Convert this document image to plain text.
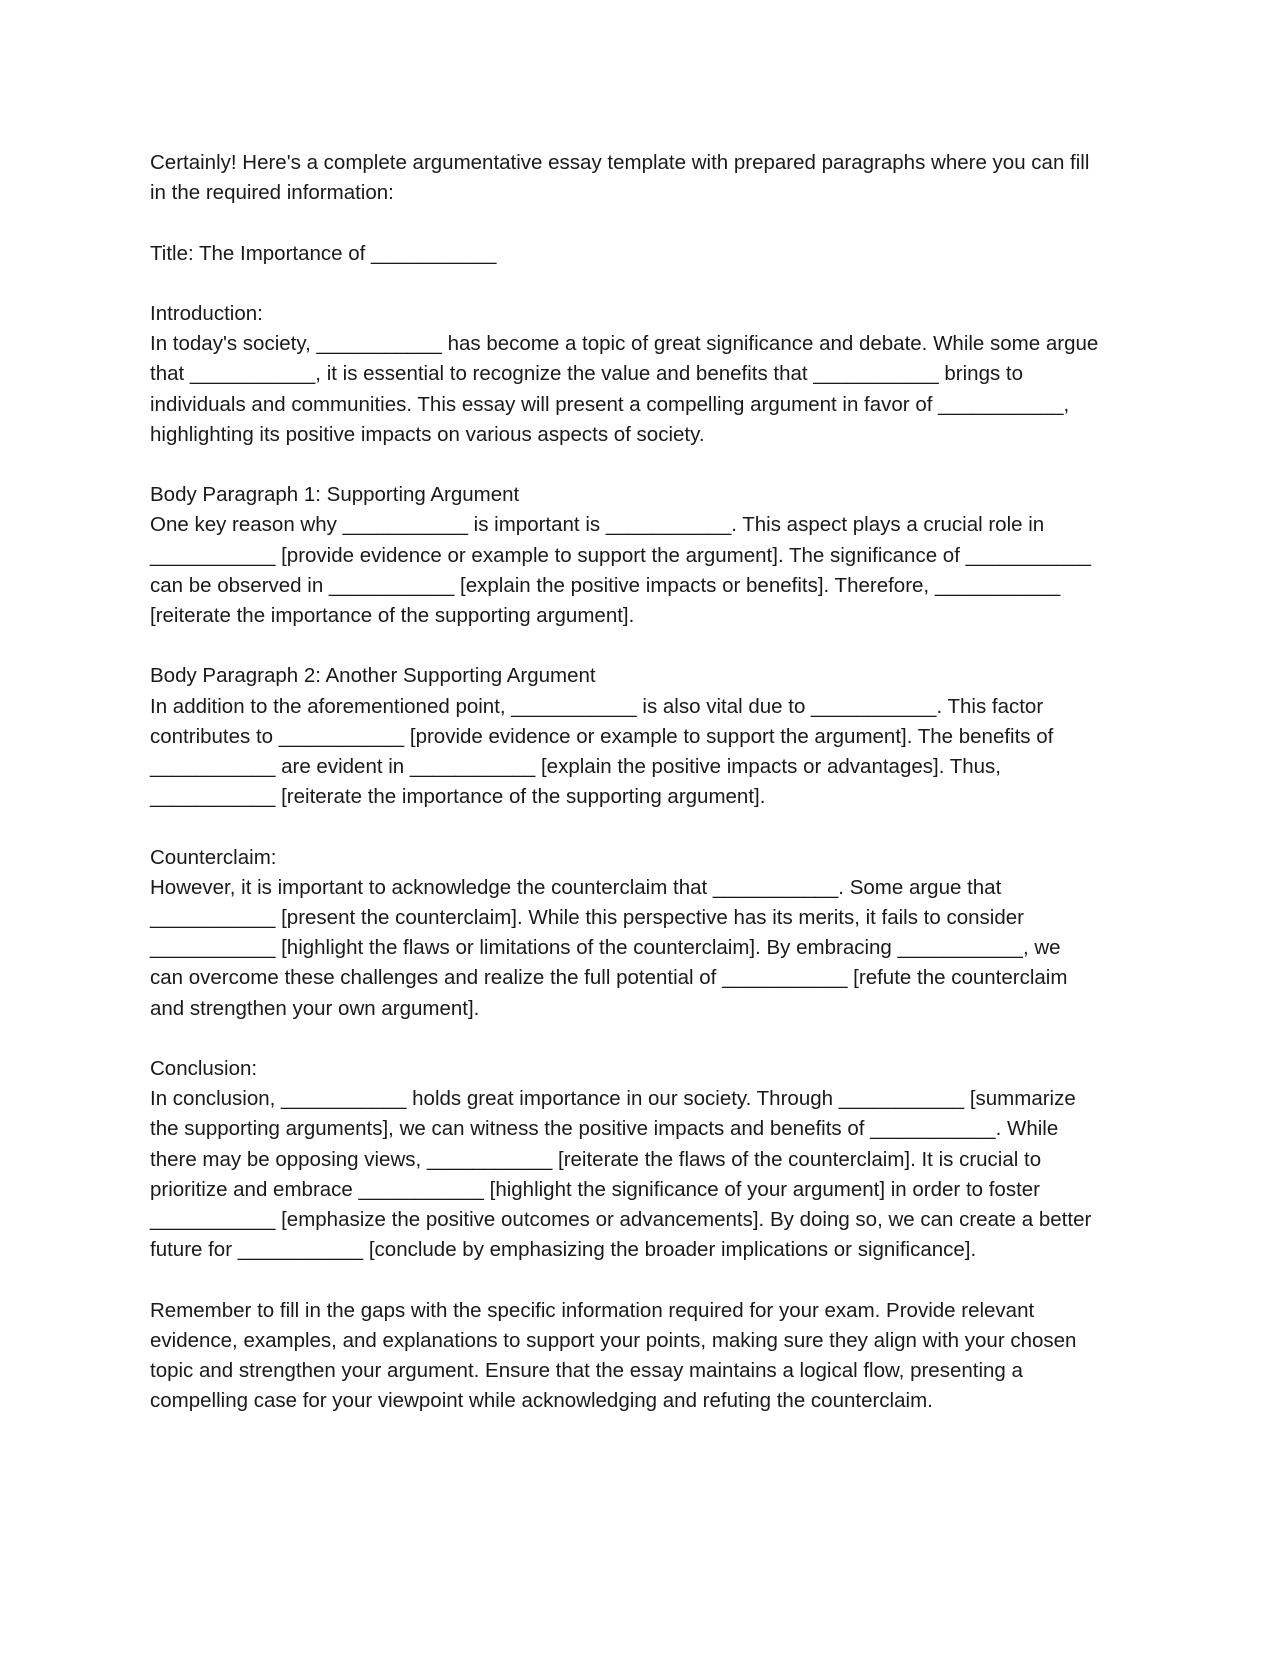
Certainly! Here's a complete argumentative essay template with prepared paragraphs where you can fill
in the required information:
Title: The Importance of ___________
Introduction:
In today's society, ___________ has become a topic of great significance and debate. While some argue
that ___________, it is essential to recognize the value and benefits that ___________ brings to
individuals and communities. This essay will present a compelling argument in favor of ___________,
highlighting its positive impacts on various aspects of society.
Body Paragraph 1: Supporting Argument
One key reason why ___________ is important is ___________. This aspect plays a crucial role in
___________ [provide evidence or example to support the argument]. The significance of ___________
can be observed in ___________ [explain the positive impacts or benefits]. Therefore, ___________
[reiterate the importance of the supporting argument].
Body Paragraph 2: Another Supporting Argument
In addition to the aforementioned point, ___________ is also vital due to ___________. This factor
contributes to ___________ [provide evidence or example to support the argument]. The benefits of
___________ are evident in ___________ [explain the positive impacts or advantages]. Thus,
___________ [reiterate the importance of the supporting argument].
Counterclaim:
However, it is important to acknowledge the counterclaim that ___________. Some argue that
___________ [present the counterclaim]. While this perspective has its merits, it fails to consider
___________ [highlight the flaws or limitations of the counterclaim]. By embracing ___________, we
can overcome these challenges and realize the full potential of ___________ [refute the counterclaim
and strengthen your own argument].
Conclusion:
In conclusion, ___________ holds great importance in our society. Through ___________ [summarize
the supporting arguments], we can witness the positive impacts and benefits of ___________. While
there may be opposing views, ___________ [reiterate the flaws of the counterclaim]. It is crucial to
prioritize and embrace ___________ [highlight the significance of your argument] in order to foster
___________ [emphasize the positive outcomes or advancements]. By doing so, we can create a better
future for ___________ [conclude by emphasizing the broader implications or significance].
Remember to fill in the gaps with the specific information required for your exam. Provide relevant
evidence, examples, and explanations to support your points, making sure they align with your chosen
topic and strengthen your argument. Ensure that the essay maintains a logical flow, presenting a
compelling case for your viewpoint while acknowledging and refuting the counterclaim.
